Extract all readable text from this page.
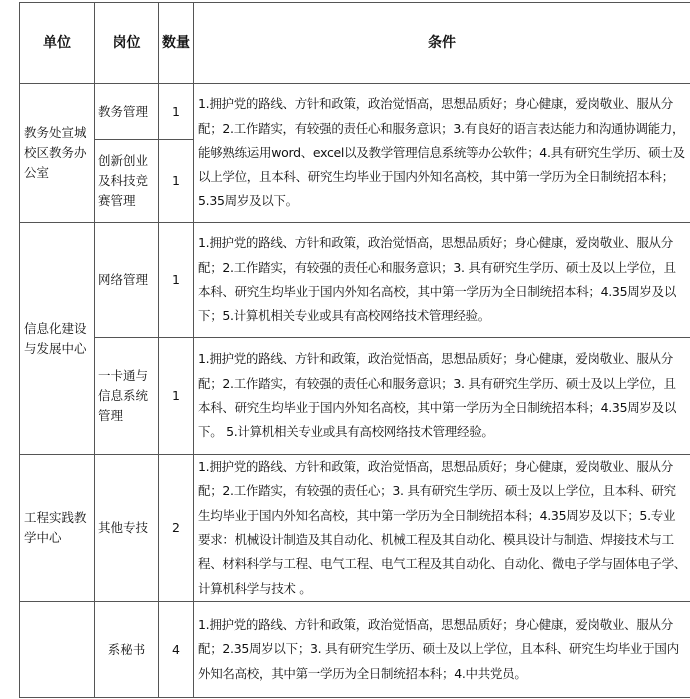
单位	岗位	数量	条件
教务处宣城校区教务办公室	教务管理	1	1.拥护党的路线、方针和政策，政治觉悟高，思想品质好；身心健康，爱岗敬业、服从分配；2.工作踏实，有较强的责任心和服务意识；3.有良好的语言表达能力和沟通协调能力，能够熟练运用word、excel以及教学管理信息系统等办公软件；4.具有研究生学历、硕士及以上学位，且本科、研究生均毕业于国内外知名高校，其中第一学历为全日制统招本科；5.35周岁及以下。
	创新创业及科技竞赛管理	1	
信息化建设与发展中心	网络管理	1	1.拥护党的路线、方针和政策，政治觉悟高，思想品质好；身心健康，爱岗敬业、服从分配；2.工作踏实，有较强的责任心和服务意识；3. 具有研究生学历、硕士及以上学位，且本科、研究生均毕业于国内外知名高校，其中第一学历为全日制统招本科；4.35周岁及以下；5.计算机相关专业或具有高校网络技术管理经验。
	一卡通与信息系统管理	1	1.拥护党的路线、方针和政策，政治觉悟高，思想品质好；身心健康，爱岗敬业、服从分配；2.工作踏实，有较强的责任心和服务意识；3. 具有研究生学历、硕士及以上学位，且本科、研究生均毕业于国内外知名高校，其中第一学历为全日制统招本科；4.35周岁及以下。 5.计算机相关专业或具有高校网络技术管理经验。
工程实践教学中心	其他专技	2	1.拥护党的路线、方针和政策，政治觉悟高，思想品质好；身心健康，爱岗敬业、服从分配；2.工作踏实，有较强的责任心；3. 具有研究生学历、硕士及以上学位，且本科、研究生均毕业于国内外知名高校，其中第一学历为全日制统招本科；4.35周岁及以下；5.专业要求：机械设计制造及其自动化、机械工程及其自动化、模具设计与制造、焊接技术与工程、材料科学与工程、电气工程、电气工程及其自动化、自动化、微电子学与固体电子学、计算机科学与技术 。
	系秘书	4	1.拥护党的路线、方针和政策，政治觉悟高，思想品质好；身心健康，爱岗敬业、服从分配；2.35周岁以下；3. 具有研究生学历、硕士及以上学位，且本科、研究生均毕业于国内外知名高校，其中第一学历为全日制统招本科；4.中共党员。
